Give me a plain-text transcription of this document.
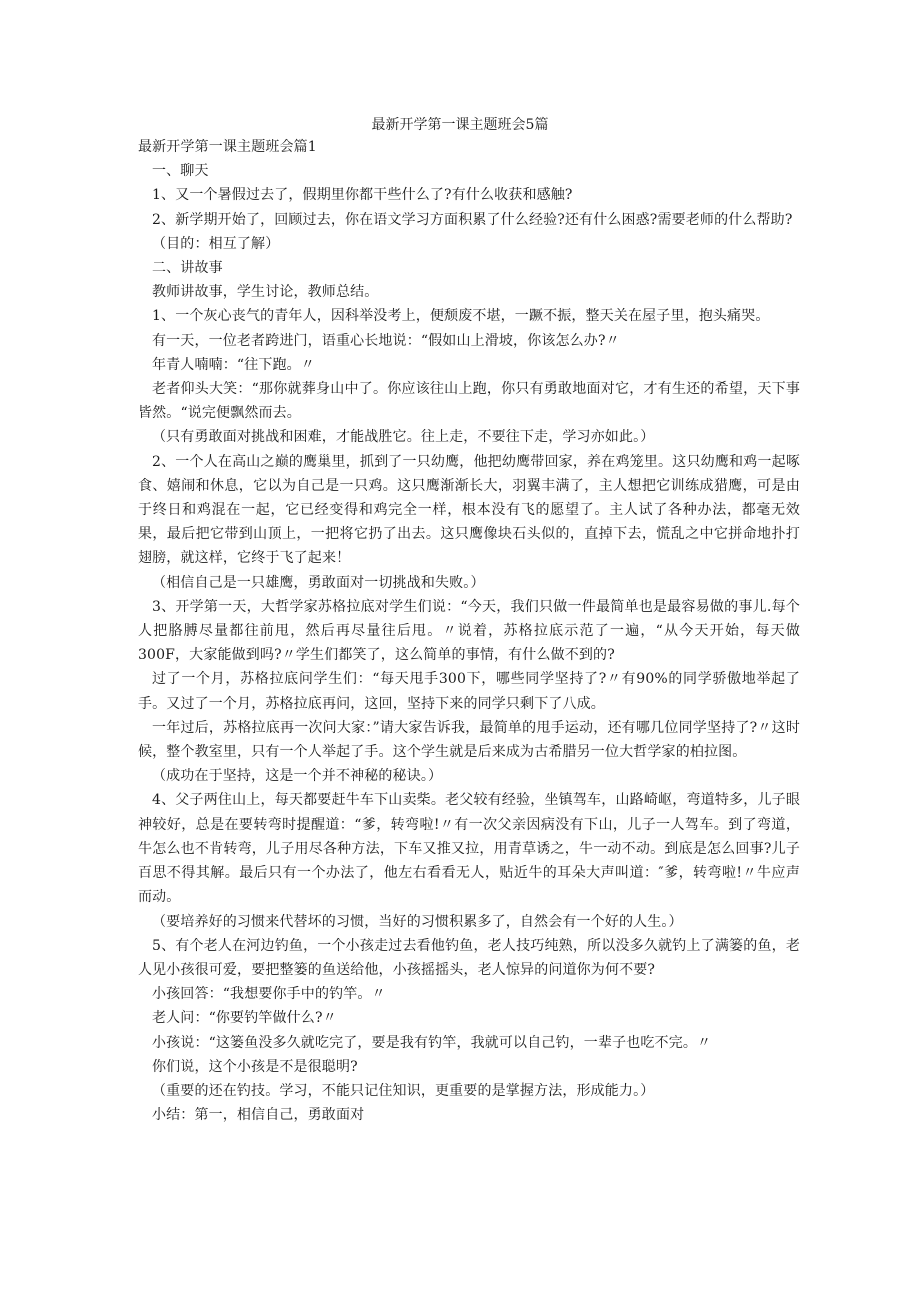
最新开学第一课主题班会5篇

最新开学第一课主题班会篇1

一、聊天

1、又一个暑假过去了，假期里你都干些什么了?有什么收获和感触?

2、新学期开始了，回顾过去，你在语文学习方面积累了什么经验?还有什么困惑?需要老师的什么帮助?

（目的：相互了解）

二、讲故事

教师讲故事，学生讨论，教师总结。

1、一个灰心丧气的青年人，因科举没考上，便颓废不堪，一蹶不振，整天关在屋子里，抱头痛哭。

有一天，一位老者跨进门，语重心长地说：“假如山上滑坡，你该怎么办?〃

年青人喃喃：“往下跑。〃

老者仰头大笑：“那你就葬身山中了。你应该往山上跑，你只有勇敢地面对它，才有生还的希望，天下事皆然。“说完便飘然而去。

（只有勇敢面对挑战和困难，才能战胜它。往上走，不要往下走，学习亦如此。）

2、一个人在高山之巅的鹰巢里，抓到了一只幼鹰，他把幼鹰带回家，养在鸡笼里。这只幼鹰和鸡一起啄食、嬉闹和休息，它以为自己是一只鸡。这只鹰渐渐长大，羽翼丰满了，主人想把它训练成猎鹰，可是由于终日和鸡混在一起，它已经变得和鸡完全一样，根本没有飞的愿望了。主人试了各种办法，都毫无效果，最后把它带到山顶上，一把将它扔了出去。这只鹰像块石头似的，直掉下去，慌乱之中它拼命地扑打翅膀，就这样，它终于飞了起来！

（相信自己是一只雄鹰，勇敢面对一切挑战和失败。）

3、开学第一天，大哲学家苏格拉底对学生们说：“今天，我们只做一件最简单也是最容易做的事儿.每个人把胳膊尽量都往前甩，然后再尽量往后甩。〃说着，苏格拉底示范了一遍，“从今天开始，每天做300F，大家能做到吗?〃学生们都笑了，这么简单的事情，有什么做不到的?

过了一个月，苏格拉底问学生们：“每天甩手300下，哪些同学坚持了?〃有90%的同学骄傲地举起了手。又过了一个月，苏格拉底再问，这回，坚持下来的同学只剩下了八成。

一年过后，苏格拉底再一次问大家：”请大家告诉我，最简单的甩手运动，还有哪几位同学坚持了?〃这时候，整个教室里，只有一个人举起了手。这个学生就是后来成为古希腊另一位大哲学家的柏拉图。

（成功在于坚持，这是一个并不神秘的秘诀。）

4、父子两住山上，每天都要赶牛车下山卖柴。老父较有经验，坐镇驾车，山路崎岖，弯道特多，儿子眼神较好，总是在要转弯时提醒道：“爹，转弯啦!〃有一次父亲因病没有下山，儿子一人驾车。到了弯道，牛怎么也不肯转弯，儿子用尽各种方法，下车又推又拉，用青草诱之，牛一动不动。到底是怎么回事?儿子百思不得其解。最后只有一个办法了，他左右看看无人，贴近牛的耳朵大声叫道：″爹，转弯啦!〃牛应声而动。

（要培养好的习惯来代替坏的习惯，当好的习惯积累多了，自然会有一个好的人生。）

5、有个老人在河边钓鱼，一个小孩走过去看他钓鱼，老人技巧纯熟，所以没多久就钓上了满篓的鱼，老人见小孩很可爱，要把整篓的鱼送给他，小孩摇摇头，老人惊异的问道你为何不要?

小孩回答：“我想要你手中的钓竿。〃

老人问：“你要钓竿做什么?〃

小孩说：“这篓鱼没多久就吃完了，要是我有钓竿，我就可以自己钓，一辈子也吃不完。〃

你们说，这个小孩是不是很聪明?

（重要的还在钓技。学习，不能只记住知识，更重要的是掌握方法，形成能力。）

小结：第一，相信自己，勇敢面对
